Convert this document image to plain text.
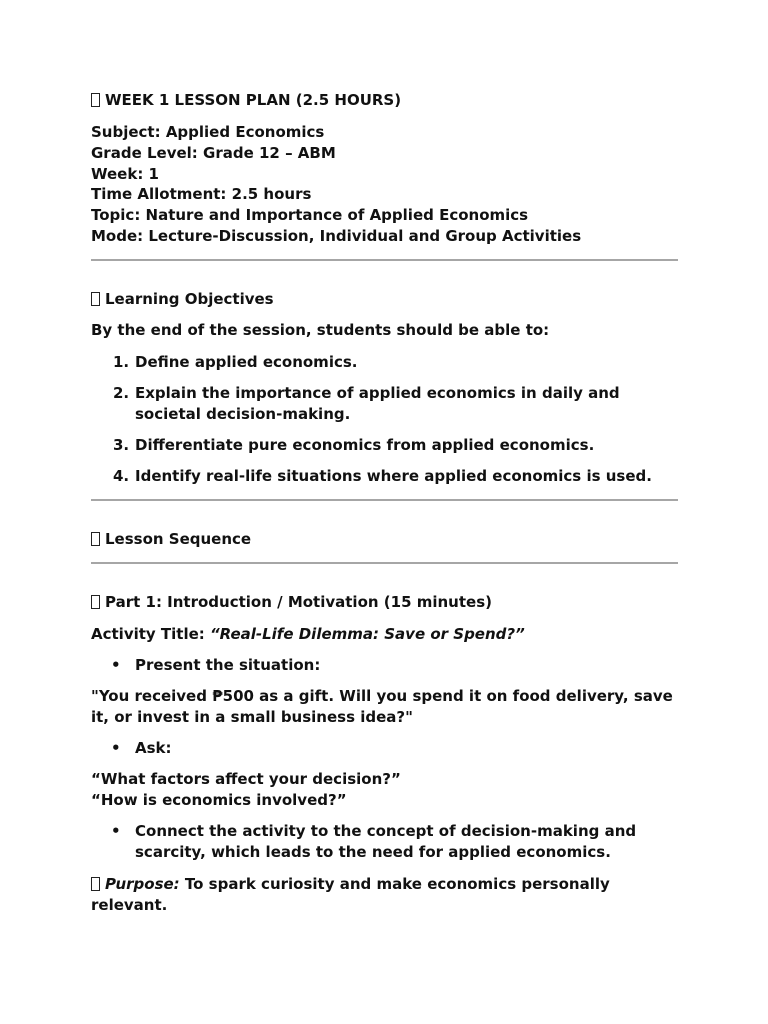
WEEK 1 LESSON PLAN (2.5 HOURS)

Subject: Applied Economics

Grade Level: Grade 12 – ABM

Week: 1

Time Allotment: 2.5 hours

Topic: Nature and Importance of Applied Economics

Mode: Lecture-Discussion, Individual and Group Activities

Learning Objectives

By the end of the session, students should be able to:

1. Define applied economics.
2. Explain the importance of applied economics in daily and societal decision-making.
3. Differentiate pure economics from applied economics.
4. Identify real-life situations where applied economics is used.

Lesson Sequence

Part 1: Introduction / Motivation (15 minutes)

Activity Title: “Real-Life Dilemma: Save or Spend?”

• Present the situation:

"You received ₱500 as a gift. Will you spend it on food delivery, save it, or invest in a small business idea?"

• Ask:

“What factors affect your decision?”

“How is economics involved?”

• Connect the activity to the concept of decision-making and scarcity, which leads to the need for applied economics.

Purpose: To spark curiosity and make economics personally relevant.
